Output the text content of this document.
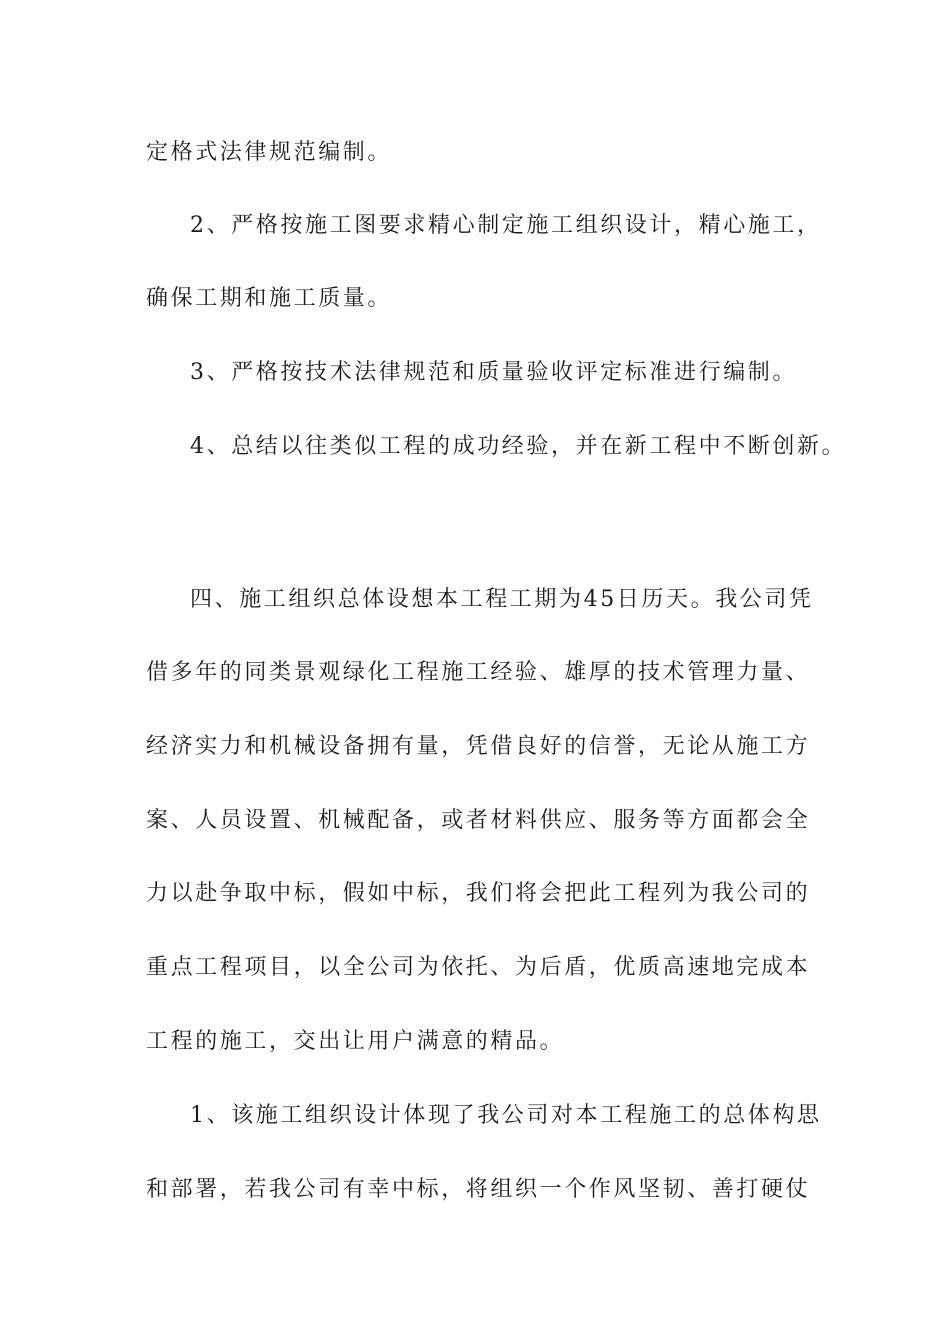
定格式法律规范编制。
2、严格按施工图要求精心制定施工组织设计，精心施工，
确保工期和施工质量。
3、严格按技术法律规范和质量验收评定标准进行编制。
4、总结以往类似工程的成功经验，并在新工程中不断创新。
四、施工组织总体设想本工程工期为45日历天。我公司凭
借多年的同类景观绿化工程施工经验、雄厚的技术管理力量、
经济实力和机械设备拥有量，凭借良好的信誉，无论从施工方
案、人员设置、机械配备，或者材料供应、服务等方面都会全
力以赴争取中标，假如中标，我们将会把此工程列为我公司的
重点工程项目，以全公司为依托、为后盾，优质高速地完成本
工程的施工，交出让用户满意的精品。
1、该施工组织设计体现了我公司对本工程施工的总体构思
和部署，若我公司有幸中标，将组织一个作风坚韧、善打硬仗
